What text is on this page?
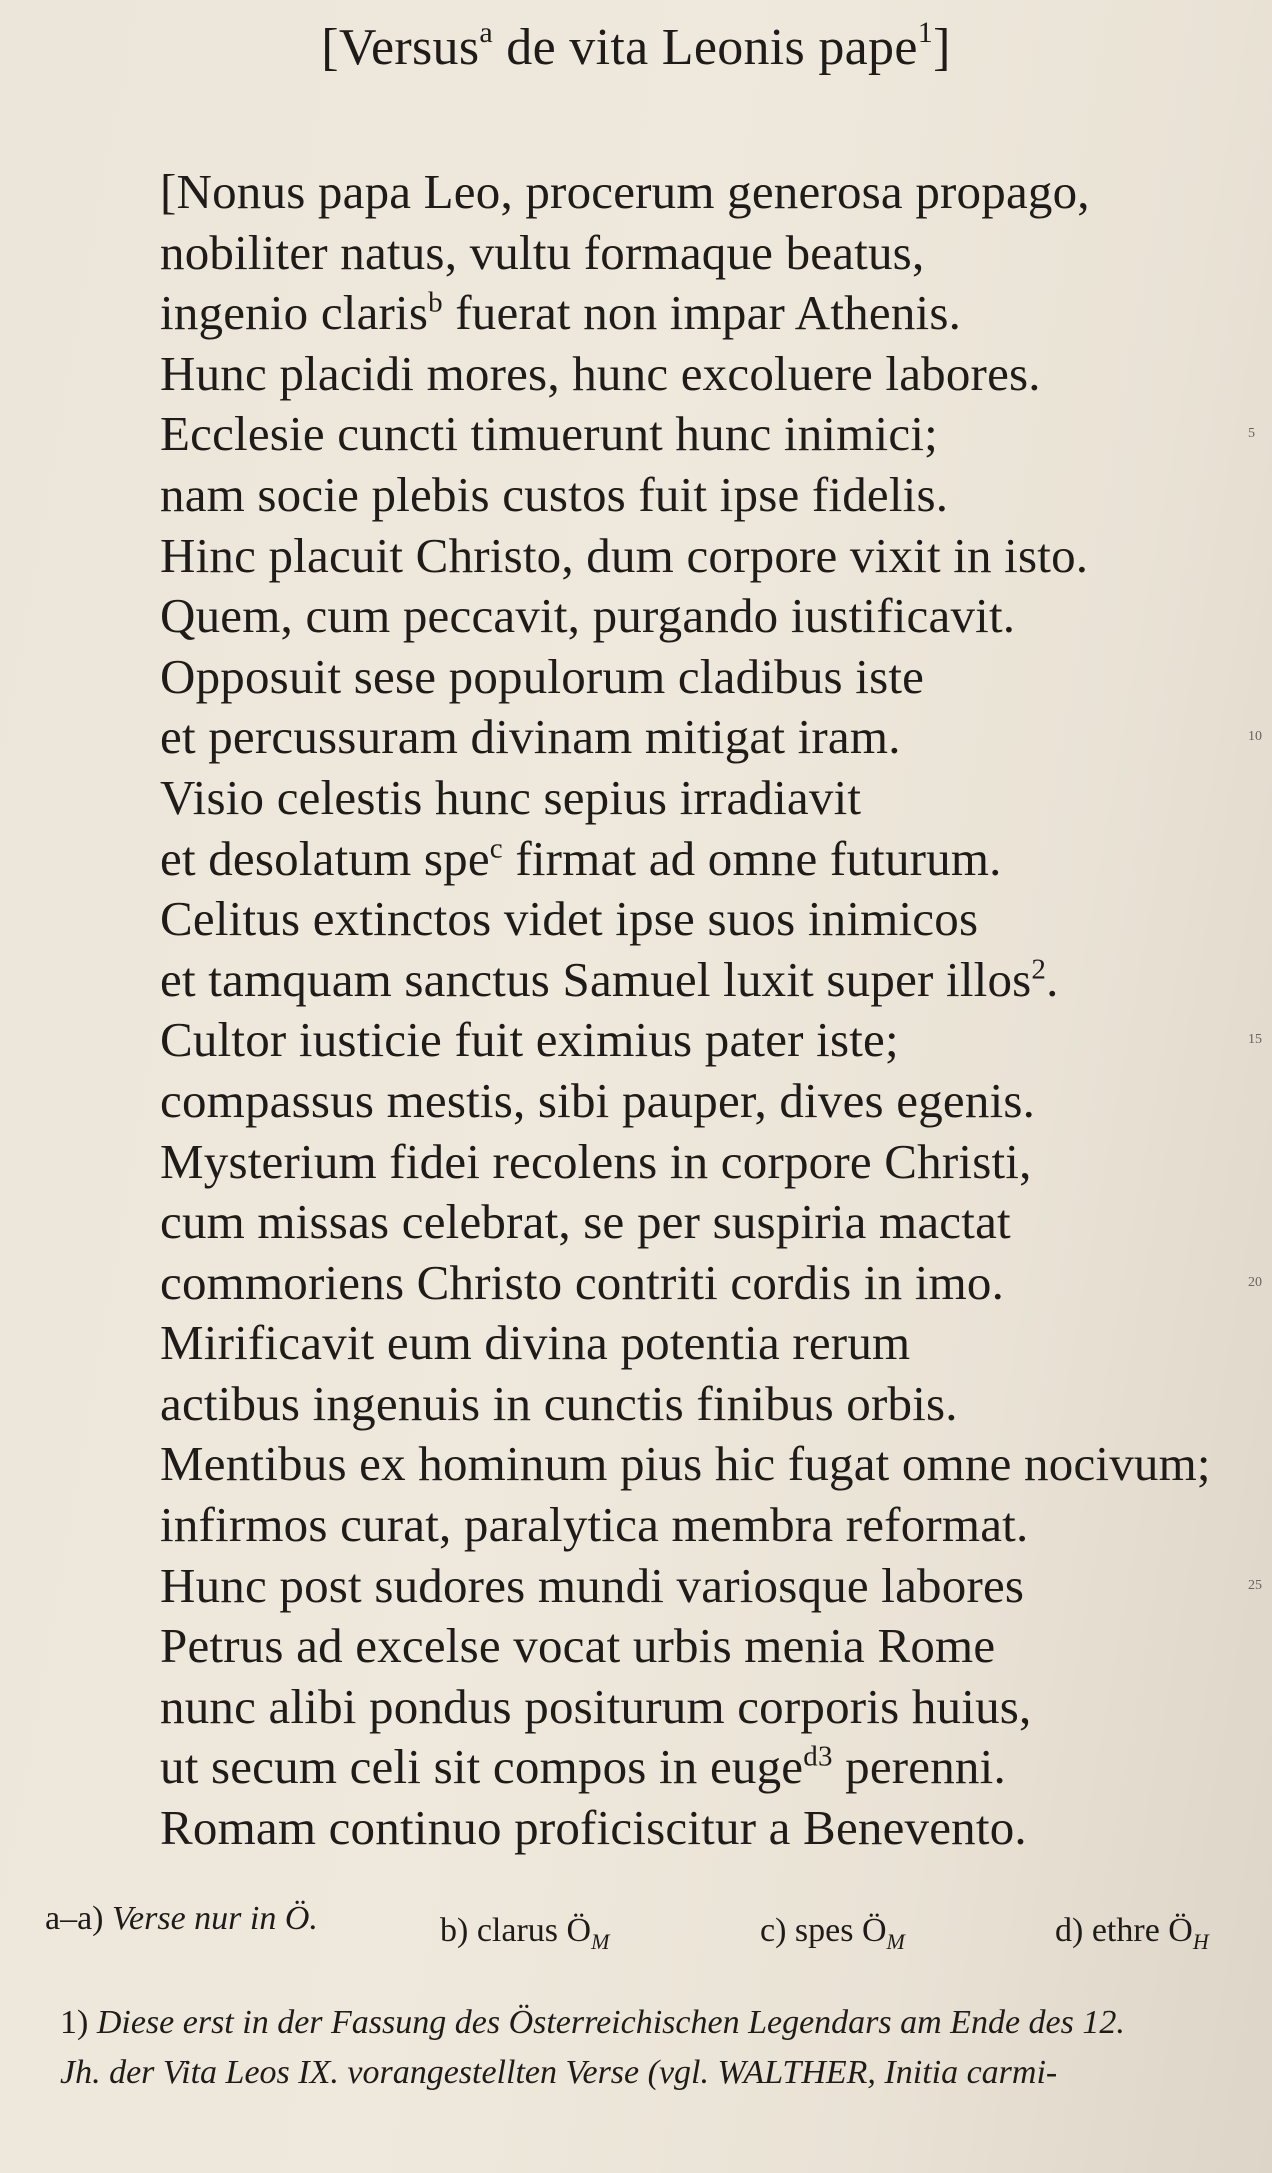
[Versus$^a$ de vita Leonis pape$^1$]
[Nonus papa Leo, procerum generosa propago,
nobiliter natus, vultu formaque beatus,
ingenio claris$^b$ fuerat non impar Athenis.
Hunc placidi mores, hunc excoluere labores.
Ecclesie cuncti timuerunt hunc inimici;
nam socie plebis custos fuit ipse fidelis.
Hinc placuit Christo, dum corpore vixit in isto.
Quem, cum peccavit, purgando iustificavit.
Opposuit sese populorum cladibus iste
et percussuram divinam mitigat iram.
Visio celestis hunc sepius irradiavit
et desolatum spe$^c$ firmat ad omne futurum.
Celitus extinctos videt ipse suos inimicos
et tamquam sanctus Samuel luxit super illos$^2$.
Cultor iusticie fuit eximius pater iste;
compassus mestis, sibi pauper, dives egenis.
Mysterium fidei recolens in corpore Christi,
cum missas celebrat, se per suspiria mactat
commoriens Christo contriti cordis in imo.
Mirificavit eum divina potentia rerum
actibus ingenuis in cunctis finibus orbis.
Mentibus ex hominum pius hic fugat omne nocivum;
infirmos curat, paralytica membra reformat.
Hunc post sudores mundi variosque labores
Petrus ad excelse vocat urbis menia Rome
nunc alibi pondus positurum corporis huius,
ut secum celi sit compos in euge$^{d3}$ perenni.
Romam continuo proficiscitur a Benevento.
5
10
15
20
25
a–a) Verse nur in Ö.	b) clarus $Ö_M$	c) spes $Ö_M$	d) ethre $Ö_H$
1) Diese erst in der Fassung des Österreichischen Legendars am Ende des 12.
Jh. der Vita Leos IX. vorangestellten Verse (vgl. WALTHER, Initia carmi-
